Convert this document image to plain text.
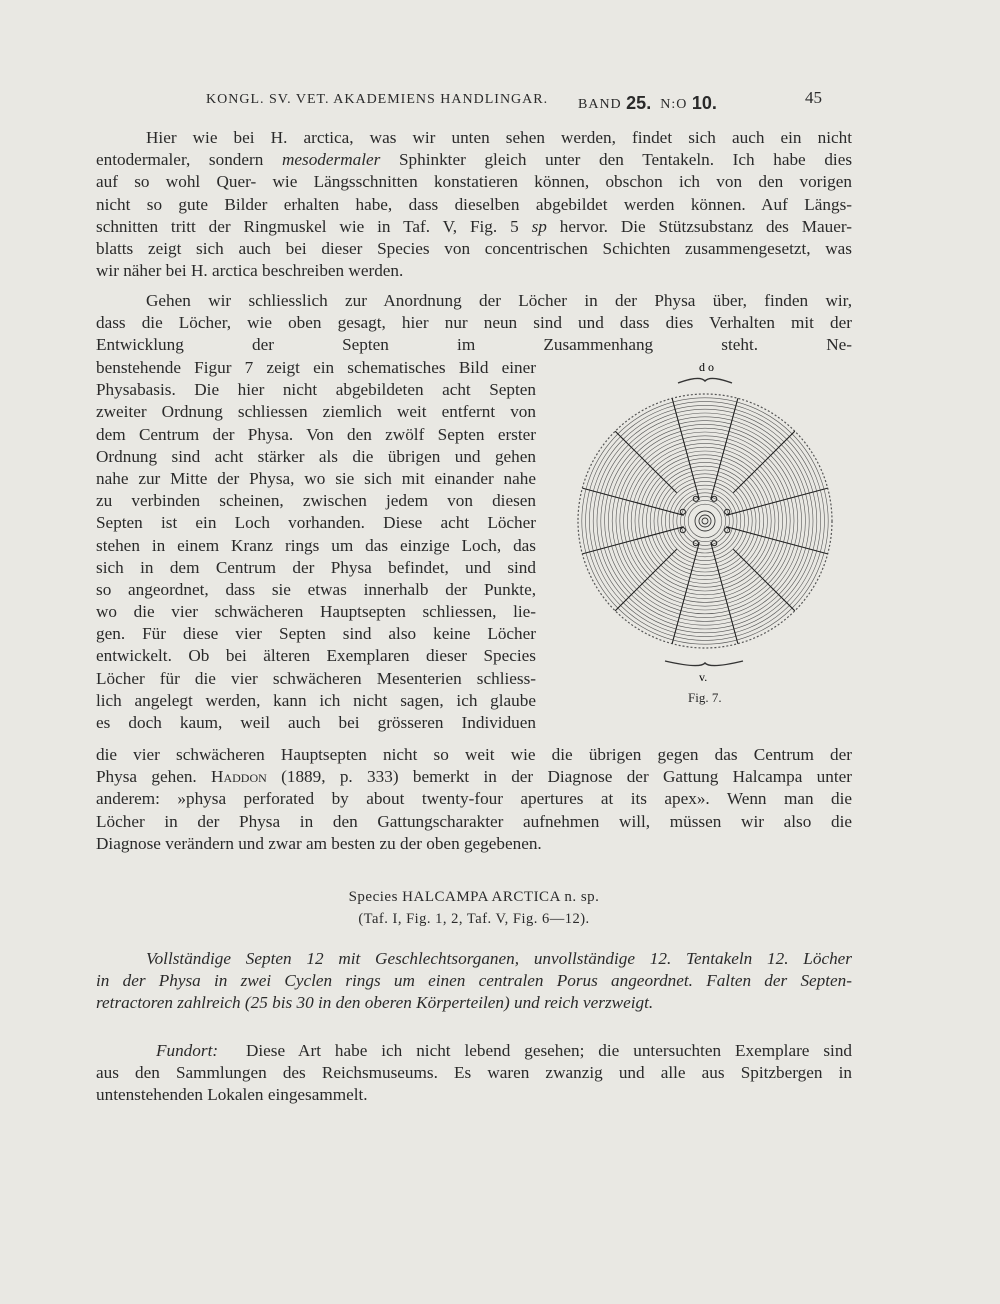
KONGL. SV. VET. AKADEMIENS HANDLINGAR. BAND 25. N:O 10.	45
Hier wie bei H. arctica, was wir unten sehen werden, findet sich auch ein nicht
entodermaler, sondern mesodermaler Sphinkter gleich unter den Tentakeln. Ich habe dies
auf so wohl Quer- wie Längsschnitten konstatieren können, obschon ich von den vorigen
nicht so gute Bilder erhalten habe, dass dieselben abgebildet werden können. Auf Längs-
schnitten tritt der Ringmuskel wie in Taf. V, Fig. 5 sp hervor. Die Stützsubstanz des Mauer-
blatts zeigt sich auch bei dieser Species von concentrischen Schichten zusammengesetzt, was
wir näher bei H. arctica beschreiben werden.
Gehen wir schliesslich zur Anordnung der Löcher in der Physa über, finden wir,
dass die Löcher, wie oben gesagt, hier nur neun sind und dass dies Verhalten mit der
Entwicklung der Septen im Zusammenhang steht. Ne-
benstehende Figur 7 zeigt ein schematisches Bild einer
Physabasis. Die hier nicht abgebildeten acht Septen
zweiter Ordnung schliessen ziemlich weit entfernt von
dem Centrum der Physa. Von den zwölf Septen erster
Ordnung sind acht stärker als die übrigen und gehen
nahe zur Mitte der Physa, wo sie sich mit einander nahe
zu verbinden scheinen, zwischen jedem von diesen
Septen ist ein Loch vorhanden. Diese acht Löcher
stehen in einem Kranz rings um das einzige Loch, das
sich in dem Centrum der Physa befindet, und sind
so angeordnet, dass sie etwas innerhalb der Punkte,
wo die vier schwächeren Hauptsepten schliessen, lie-
gen. Für diese vier Septen sind also keine Löcher
entwickelt. Ob bei älteren Exemplaren dieser Species
Löcher für die vier schwächeren Mesenterien schliess-
lich angelegt werden, kann ich nicht sagen, ich glaube
es doch kaum, weil auch bei grösseren Individuen
die vier schwächeren Hauptsepten nicht so weit wie die übrigen gegen das Centrum der
Physa gehen. Haddon (1889, p. 333) bemerkt in der Diagnose der Gattung Halcampa unter
anderem: »physa perforated by about twenty-four apertures at its apex». Wenn man die
Löcher in der Physa in den Gattungscharakter aufnehmen will, müssen wir also die
Diagnose verändern und zwar am besten zu der oben gegebenen.
d o
v.
Fig. 7.
Species HALCAMPA ARCTICA n. sp.
(Taf. I, Fig. 1, 2, Taf. V, Fig. 6—12).
Vollständige Septen 12 mit Geschlechtsorganen, unvollständige 12. Tentakeln 12. Löcher
in der Physa in zwei Cyclen rings um einen centralen Porus angeordnet. Falten der Septen-
retractoren zahlreich (25 bis 30 in den oberen Körperteilen) und reich verzweigt.
Fundort: Diese Art habe ich nicht lebend gesehen; die untersuchten Exemplare sind
aus den Sammlungen des Reichsmuseums. Es waren zwanzig und alle aus Spitzbergen in
untenstehenden Lokalen eingesammelt.
